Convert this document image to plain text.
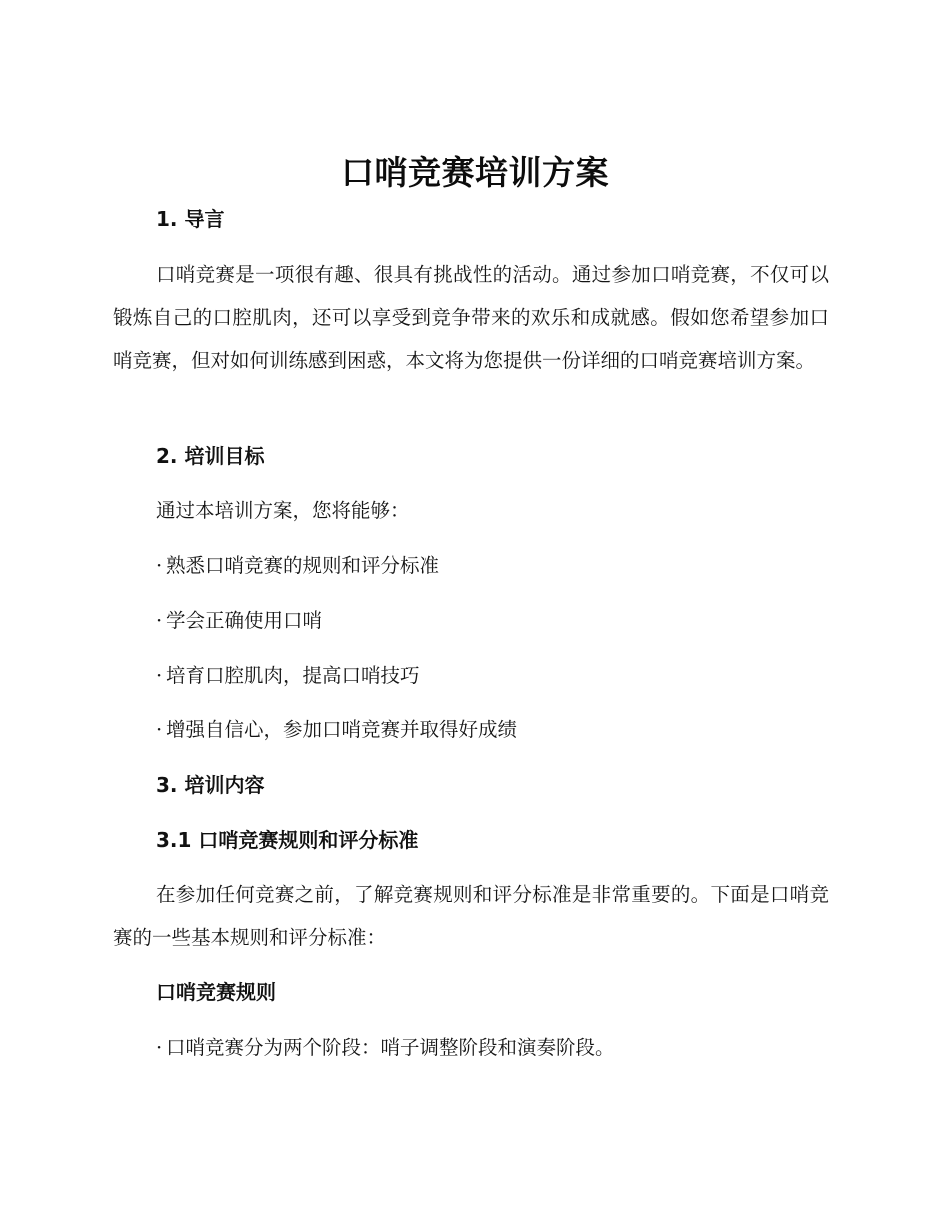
口哨竞赛培训方案
1. 导言

口哨竞赛是一项很有趣、很具有挑战性的活动。通过参加口哨竞赛，不仅可以锻炼自己的口腔肌肉，还可以享受到竞争带来的欢乐和成就感。假如您希望参加口哨竞赛，但对如何训练感到困惑，本文将为您提供一份详细的口哨竞赛培训方案。

2. 培训目标

通过本培训方案，您将能够：

· 熟悉口哨竞赛的规则和评分标准

· 学会正确使用口哨

· 培育口腔肌肉，提高口哨技巧

· 增强自信心，参加口哨竞赛并取得好成绩

3. 培训内容
3.1 口哨竞赛规则和评分标准

在参加任何竞赛之前，了解竞赛规则和评分标准是非常重要的。下面是口哨竞赛的一些基本规则和评分标准：

口哨竞赛规则

· 口哨竞赛分为两个阶段：哨子调整阶段和演奏阶段。
